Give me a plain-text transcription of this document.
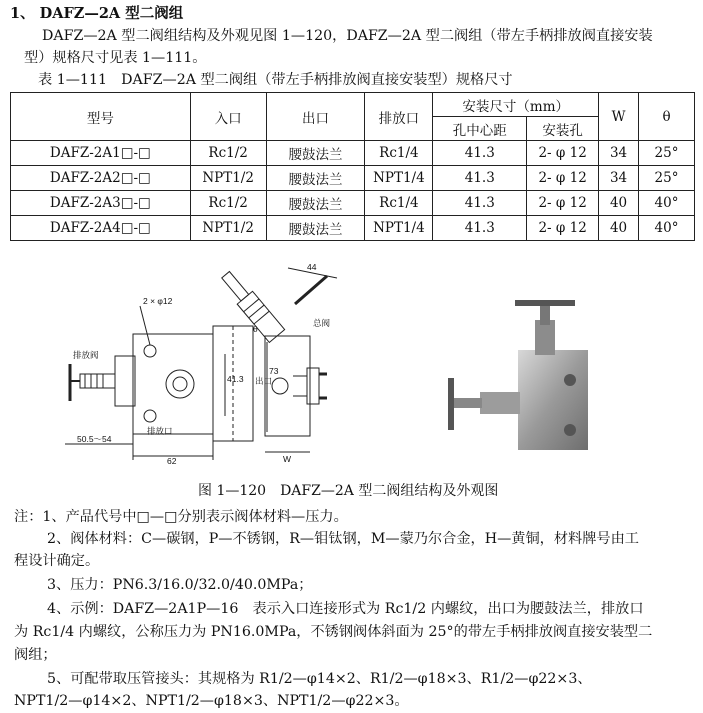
1、 DAFZ—2A 型二阀组
DAFZ—2A 型二阀组结构及外观见图 1—120，DAFZ—2A 型二阀组（带左手柄排放阀直接安装
型）规格尺寸见表 1—111。
表 1—111　DAFZ—2A 型二阀组（带左手柄排放阀直接安装型）规格尺寸
型号	入口	出口	排放口	安装尺寸（mm）		W	θ
				孔中心距	安装孔		
DAFZ-2A1□-□	Rc1/2	腰鼓法兰	Rc1/4	41.3	2- φ 12	34	25°
DAFZ-2A2□-□	NPT1/2	腰鼓法兰	NPT1/4	41.3	2- φ 12	34	25°
DAFZ-2A3□-□	Rc1/2	腰鼓法兰	Rc1/4	41.3	2- φ 12	40	40°
DAFZ-2A4□-□	NPT1/2	腰鼓法兰	NPT1/4	41.3	2- φ 12	40	40°
44
θ
2 × φ12
总阀
排放阀
排放口
出口
73
41.3
50.5～54
62	W
图 1—120　DAFZ—2A 型二阀组结构及外观图
注：1、产品代号中□—□分别表示阀体材料—压力。
2、阀体材料：C—碳钢，P—不锈钢，R—钼钛钢，M—蒙乃尔合金，H—黄铜，材料牌号由工
程设计确定。
3、压力：PN6.3/16.0/32.0/40.0MPa；
4、示例：DAFZ—2A1P—16　表示入口连接形式为 Rc1/2 内螺纹，出口为腰鼓法兰，排放口
为 Rc1/4 内螺纹，公称压力为 PN16.0MPa，不锈钢阀体斜面为 25°的带左手柄排放阀直接安装型二
阀组；
5、可配带取压管接头：其规格为 R1/2—φ14×2、R1/2—φ18×3、R1/2—φ22×3、
NPT1/2—φ14×2、NPT1/2—φ18×3、NPT1/2—φ22×3。
